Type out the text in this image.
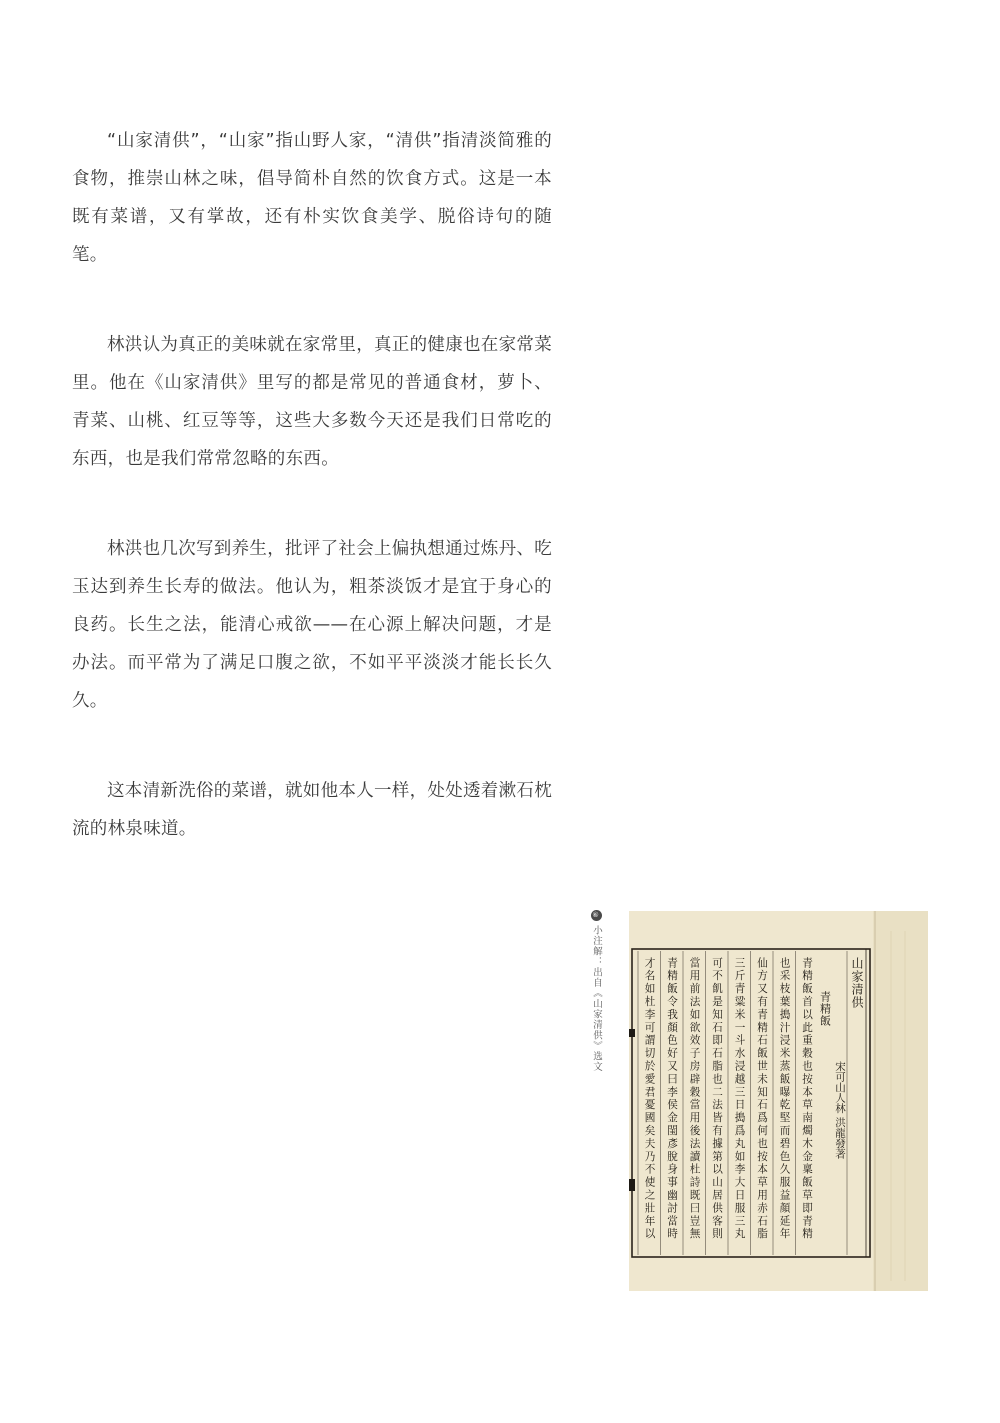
“山家清供”，“山家”指山野人家，“清供”指清淡简雅的食物，推崇山林之味，倡导简朴自然的饮食方式。这是一本既有菜谱，又有掌故，还有朴实饮食美学、脱俗诗句的随笔。

林洪认为真正的美味就在家常里，真正的健康也在家常菜里。他在《山家清供》里写的都是常见的普通食材，萝卜、青菜、山桃、红豆等等，这些大多数今天还是我们日常吃的东西，也是我们常常忽略的东西。

林洪也几次写到养生，批评了社会上偏执想通过炼丹、吃玉达到养生长寿的做法。他认为，粗茶淡饭才是宜于身心的良药。长生之法，能清心戒欲——在心源上解决问题，才是办法。而平常为了满足口腹之欲，不如平平淡淡才能长长久久。

这本清新洗俗的菜谱，就如他本人一样，处处透着漱石枕流的林泉味道。

⑥
小注解：出自《山家清供》选文	山家清供
青精飯
宋可山人林 洪龍發著
青精飯首以此重穀也按本草南燭木金稟飯草即青精
也采枝葉搗汁浸米蒸飯曝乾堅而碧色久服益顏延年
仙方又有青精石飯世未知石爲何也按本草用赤石脂
三斤青粱米一斗水浸越三日搗爲丸如李大日服三丸
可不飢是知石即石脂也二法皆有據第以山居供客則
當用前法如欲效子房辟穀當用後法讀杜詩既曰豈無
青精飯令我顏色好又曰李侯金閨彥脫身事幽討當時
才名如杜李可謂切於愛君憂國矣夫乃不使之壯年以
